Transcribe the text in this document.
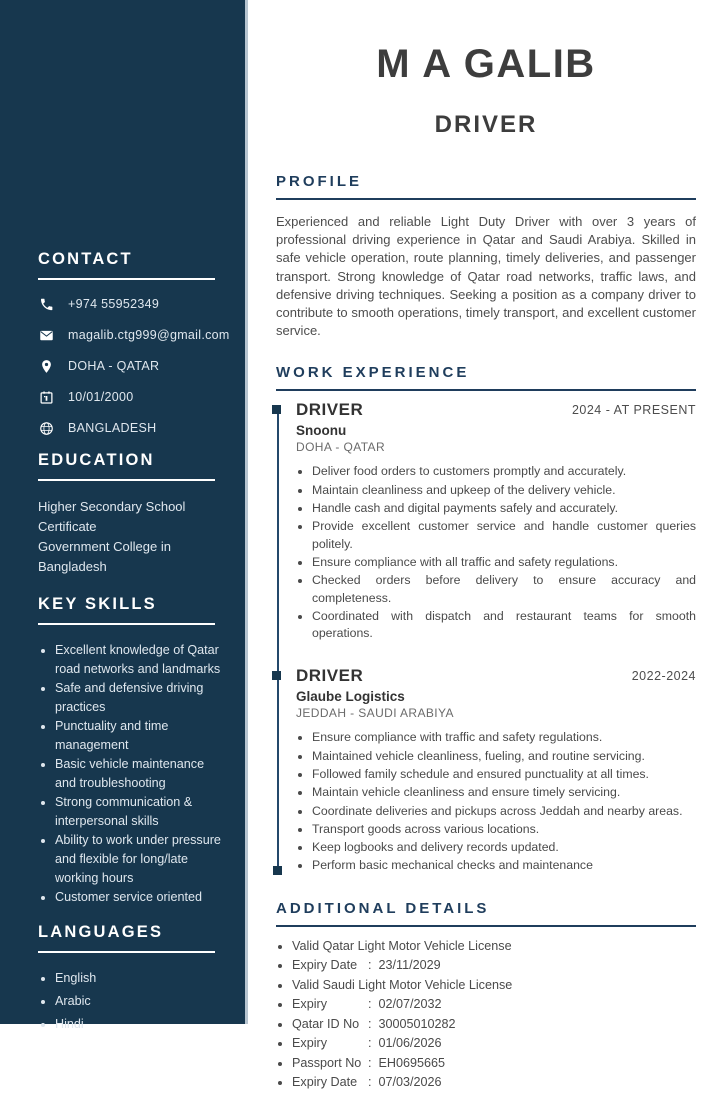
CONTACT
+974 55952349
magalib.ctg999@gmail.com
DOHA - QATAR
10/01/2000
BANGLADESH
EDUCATION
Higher Secondary School Certificate
Government College in Bangladesh
KEY SKILLS
• Excellent knowledge of Qatar road networks and landmarks
• Safe and defensive driving practices
• Punctuality and time management
• Basic vehicle maintenance and troubleshooting
• Strong communication & interpersonal skills
• Ability to work under pressure and flexible for long/late working hours
• Customer service oriented
LANGUAGES
• English
• Arabic
• Hindi
M A GALIB
DRIVER
PROFILE

Experienced and reliable Light Duty Driver with over 3 years of professional driving experience in Qatar and Saudi Arabiya. Skilled in safe vehicle operation, route planning, timely deliveries, and passenger transport. Strong knowledge of Qatar road networks, traffic laws, and defensive driving techniques. Seeking a position as a company driver to contribute to smooth operations, timely transport, and excellent customer service.

WORK EXPERIENCE
DRIVER	2024 - AT PRESENT
Snoonu
DOHA - QATAR
• Deliver food orders to customers promptly and accurately.
• Maintain cleanliness and upkeep of the delivery vehicle.
• Handle cash and digital payments safely and accurately.
• Provide excellent customer service and handle customer queries politely.
• Ensure compliance with all traffic and safety regulations.
• Checked orders before delivery to ensure accuracy and completeness.
• Coordinated with dispatch and restaurant teams for smooth operations.
DRIVER	2022-2024
Glaube Logistics
JEDDAH - SAUDI ARABIYA
• Ensure compliance with traffic and safety regulations.
• Maintained vehicle cleanliness, fueling, and routine servicing.
• Followed family schedule and ensured punctuality at all times.
• Maintain vehicle cleanliness and ensure timely servicing.
• Coordinate deliveries and pickups across Jeddah and nearby areas.
• Transport goods across various locations.
• Keep logbooks and delivery records updated.
• Perform basic mechanical checks and maintenance
ADDITIONAL DETAILS
• Valid Qatar Light Motor Vehicle License
• Expiry Date :  23/11/2029
• Valid Saudi Light Motor Vehicle License
• Expiry	:  02/07/2032
• Qatar ID No :  30005010282
• Expiry	:  01/06/2026
• Passport No :  EH0695665
• Expiry Date :  07/03/2026
